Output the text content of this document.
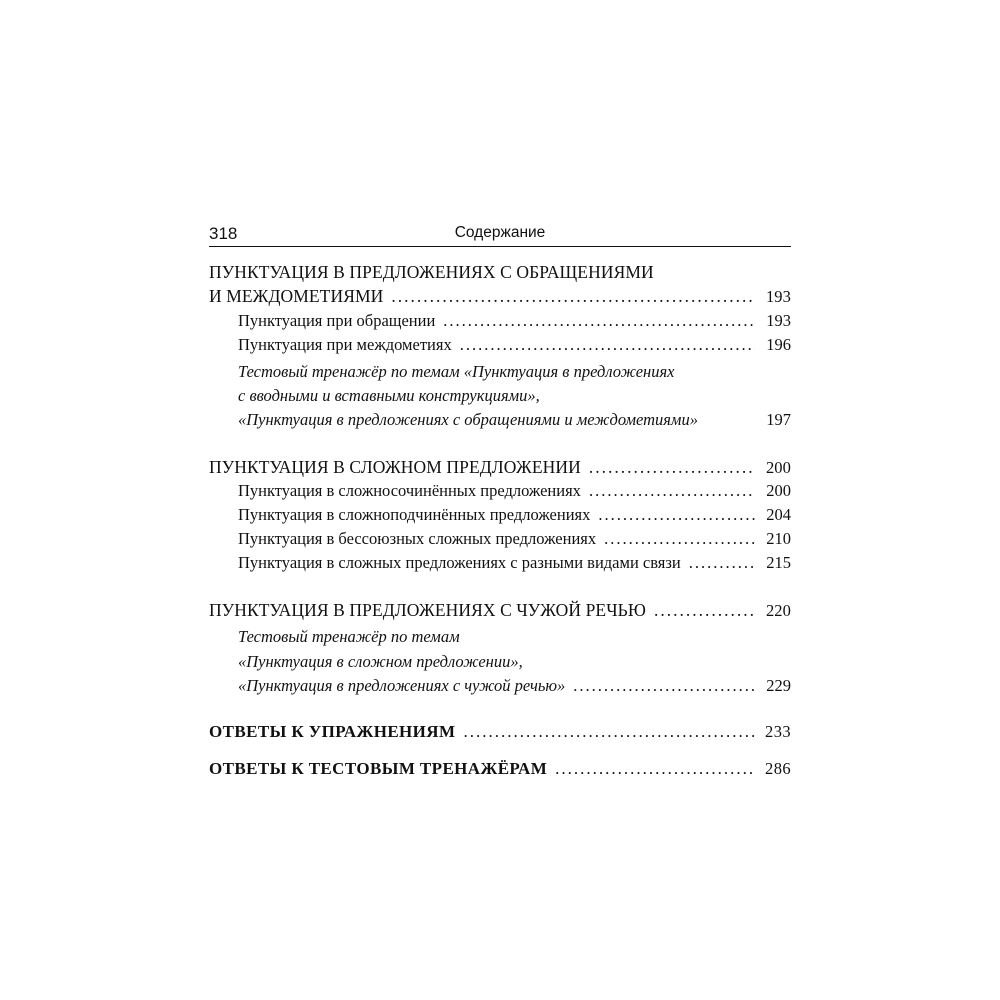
318	Содержание
ПУНКТУАЦИЯ В ПРЕДЛОЖЕНИЯХ С ОБРАЩЕНИЯМИ
И МЕЖДОМЕТИЯМИ .....	193
Пунктуация при обращении .....	193
Пунктуация при междометиях .....	196
Тестовый тренажёр по темам «Пунктуация в предложениях
с вводными и вставными конструкциями»,
«Пунктуация в предложениях с обращениями и междометиями»	197
ПУНКТУАЦИЯ В СЛОЖНОМ ПРЕДЛОЖЕНИИ .....	200
Пунктуация в сложносочинённых предложениях .....	200
Пунктуация в сложноподчинённых предложениях .....	204
Пунктуация в бессоюзных сложных предложениях .....	210
Пунктуация в сложных предложениях с разными видами связи .....	215
ПУНКТУАЦИЯ В ПРЕДЛОЖЕНИЯХ С ЧУЖОЙ РЕЧЬЮ .....	220
Тестовый тренажёр по темам
«Пунктуация в сложном предложении»,
«Пунктуация в предложениях с чужой речью» .....	229
ОТВЕТЫ К УПРАЖНЕНИЯМ .....	233
ОТВЕТЫ К ТЕСТОВЫМ ТРЕНАЖЁРАМ .....	286
